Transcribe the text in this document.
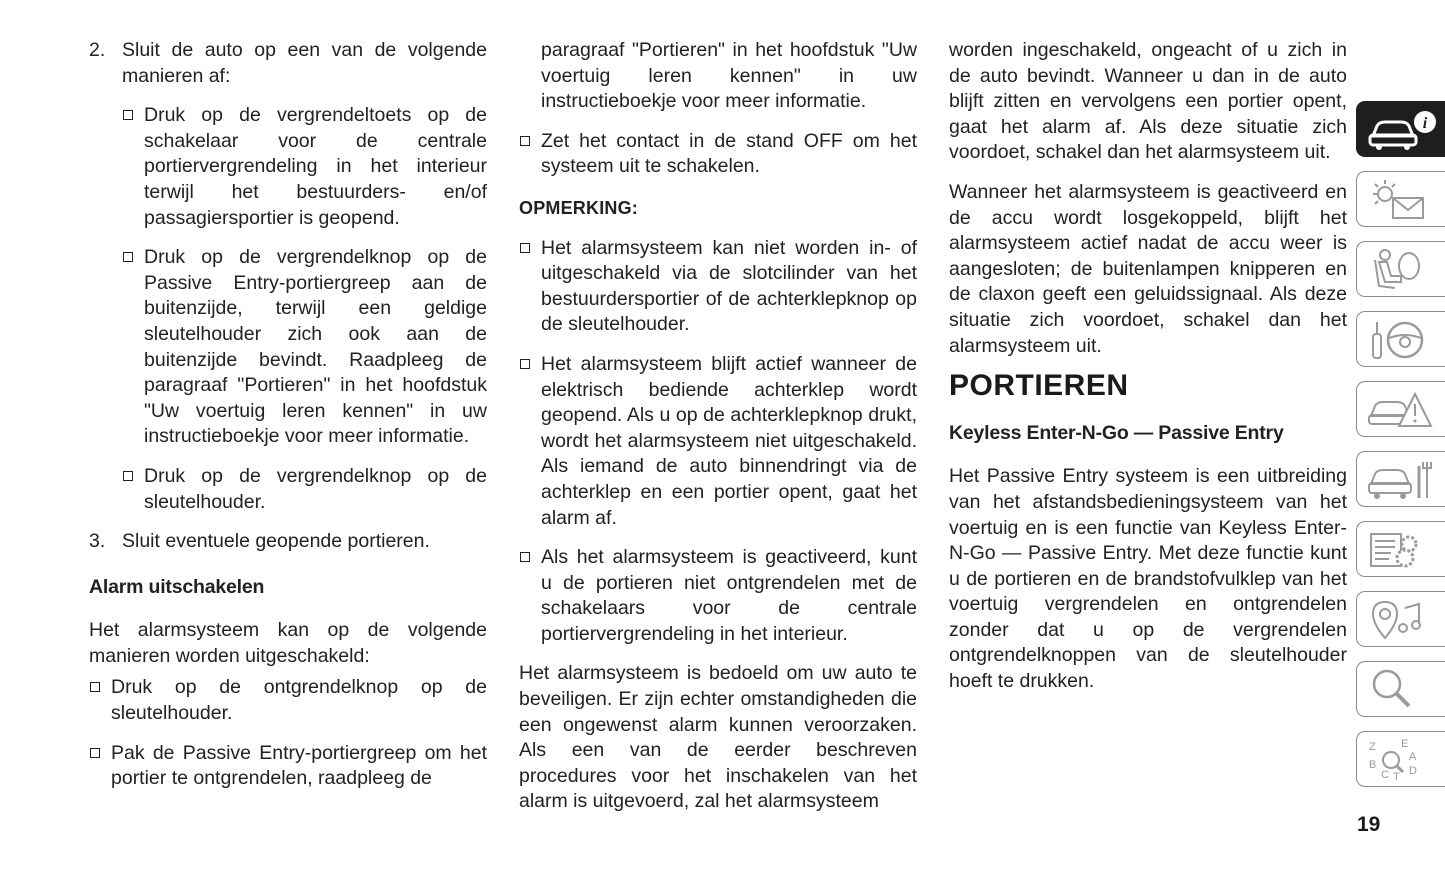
2. Sluit de auto op een van de volgende manieren af:
Druk op de vergrendeltoets op de schakelaar voor de centrale portiervergrendeling in het interieur terwijl het bestuurders- en/of passagiersportier is geopend.
Druk op de vergrendelknop op de Passive Entry-portiergreep aan de buitenzijde, terwijl een geldige sleutelhouder zich ook aan de buitenzijde bevindt. Raadpleeg de paragraaf "Portieren" in het hoofdstuk "Uw voertuig leren kennen" in uw instructieboekje voor meer informatie.
Druk op de vergrendelknop op de sleutelhouder.
3. Sluit eventuele geopende portieren.
Alarm uitschakelen

Het alarmsysteem kan op de volgende manieren worden uitgeschakeld:

Druk op de ontgrendelknop op de sleutelhouder.
Pak de Passive Entry-portiergreep om het portier te ontgrendelen, raadpleeg de

paragraaf "Portieren" in het hoofdstuk "Uw voertuig leren kennen" in uw instructieboekje voor meer informatie.

Zet het contact in de stand OFF om het systeem uit te schakelen.
OPMERKING:
Het alarmsysteem kan niet worden in- of uitgeschakeld via de slotcilinder van het bestuurdersportier of de achterklepknop op de sleutelhouder.
Het alarmsysteem blijft actief wanneer de elektrisch bediende achterklep wordt geopend. Als u op de achterklepknop drukt, wordt het alarmsysteem niet uitgeschakeld. Als iemand de auto binnendringt via de achterklep en een portier opent, gaat het alarm af.
Als het alarmsysteem is geactiveerd, kunt u de portieren niet ontgrendelen met de schakelaars voor de centrale portiervergrendeling in het interieur.

Het alarmsysteem is bedoeld om uw auto te beveiligen. Er zijn echter omstandigheden die een ongewenst alarm kunnen veroorzaken. Als een van de eerder beschreven procedures voor het inschakelen van het alarm is uitgevoerd, zal het alarmsysteem

worden ingeschakeld, ongeacht of u zich in de auto bevindt. Wanneer u dan in de auto blijft zitten en vervolgens een portier opent, gaat het alarm af. Als deze situatie zich voordoet, schakel dan het alarmsysteem uit.

Wanneer het alarmsysteem is geactiveerd en de accu wordt losgekoppeld, blijft het alarmsysteem actief nadat de accu weer is aangesloten; de buitenlampen knipperen en de claxon geeft een geluidssignaal. Als deze situatie zich voordoet, schakel dan het alarmsysteem uit.

PORTIEREN
Keyless Enter-N-Go — Passive Entry

Het Passive Entry systeem is een uitbreiding van het afstandsbedieningsysteem van het voertuig en is een functie van Keyless Enter-N-Go — Passive Entry. Met deze functie kunt u de portieren en de brandstofvulklep van het voertuig vergrendelen en ontgrendelen zonder dat u op de vergrendelen ontgrendelknoppen van de sleutelhouder hoeft te drukken.

i
Z E
A
B
C T D
19
